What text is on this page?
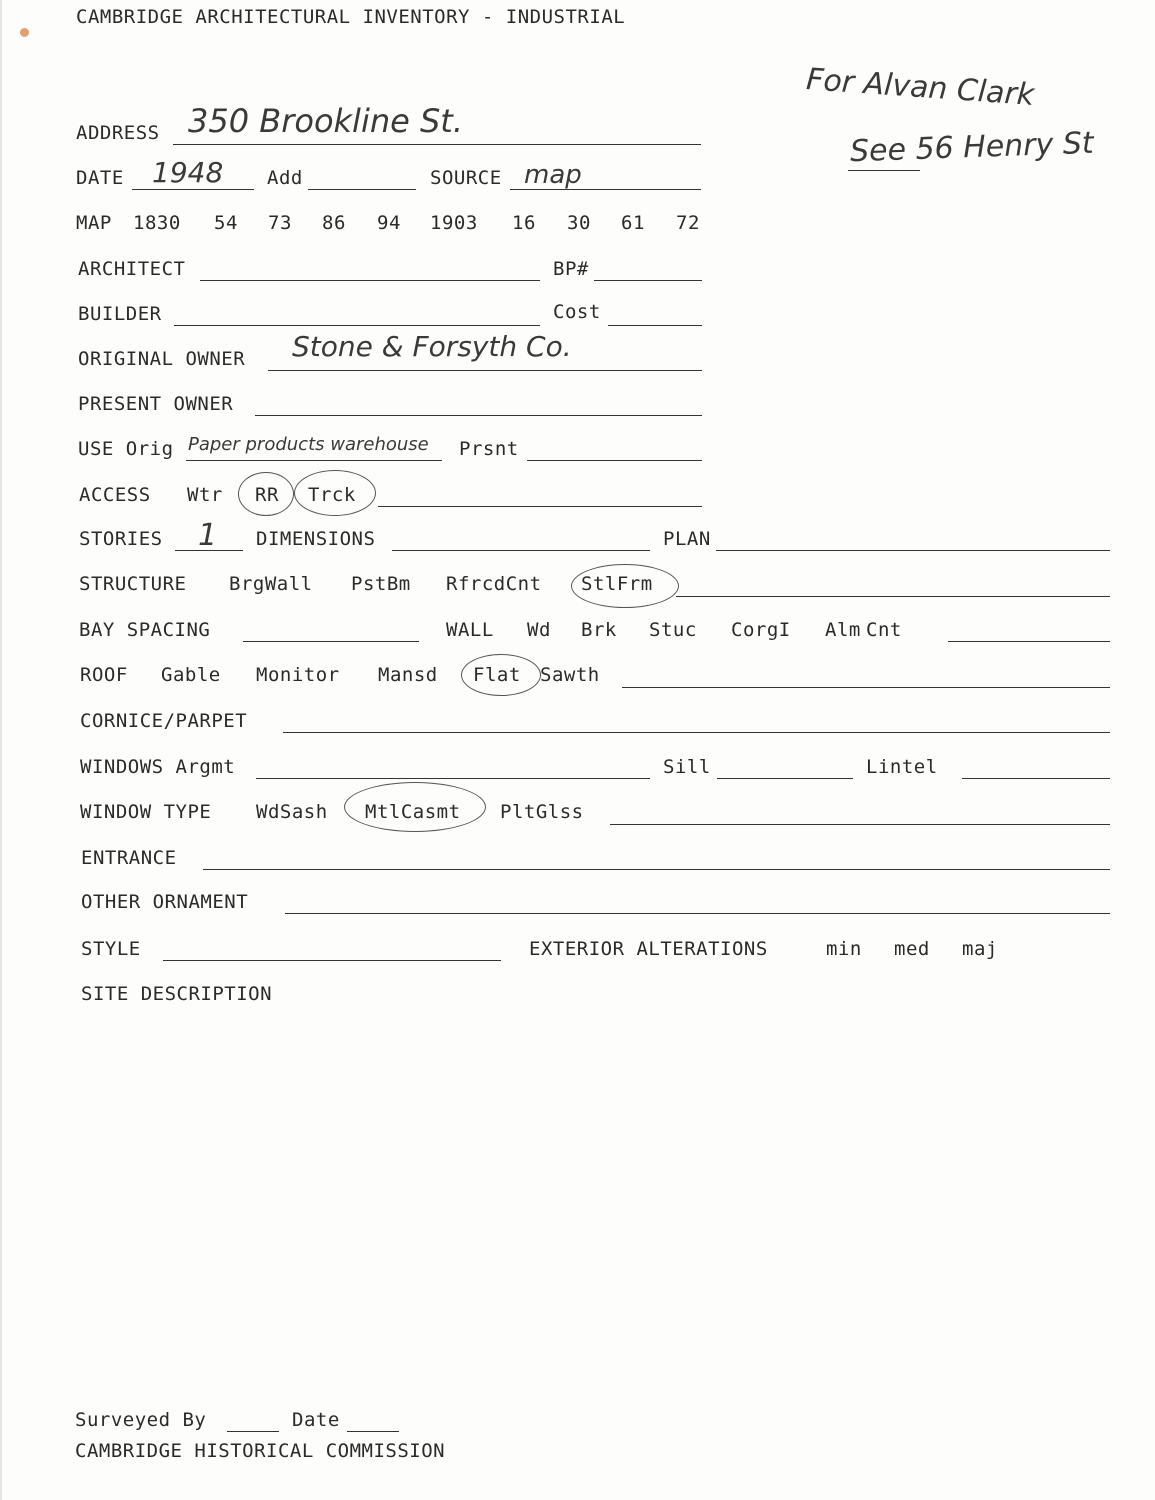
CAMBRIDGE ARCHITECTURAL INVENTORY - INDUSTRIAL
For Alvan Clark
See 56 Henry St
ADDRESS 350 Brookline St.
DATE 1948 Add	SOURCE map
MAP 1830 54 73 86 94 1903 16 30 61 72
ARCHITECT	BP#
BUILDER	Cost
ORIGINAL OWNER Stone & Forsyth Co.
PRESENT OWNER
USE Orig Paper products warehouse Prsnt
ACCESS Wtr RR Trck
STORIES 1 DIMENSIONS	PLAN
STRUCTURE BrgWall PstBm RfrcdCnt StlFrm
BAY SPACING	WALL Wd Brk Stuc CorgI Alm Cnt
ROOF Gable Monitor Mansd Flat Sawth
CORNICE/PARPET
WINDOWS Argmt	Sill	Lintel
WINDOW TYPE WdSash MtlCasmt PltGlss
ENTRANCE
OTHER ORNAMENT
STYLE	EXTERIOR ALTERATIONS	min med maj
SITE DESCRIPTION
Surveyed By	Date
CAMBRIDGE HISTORICAL COMMISSION
